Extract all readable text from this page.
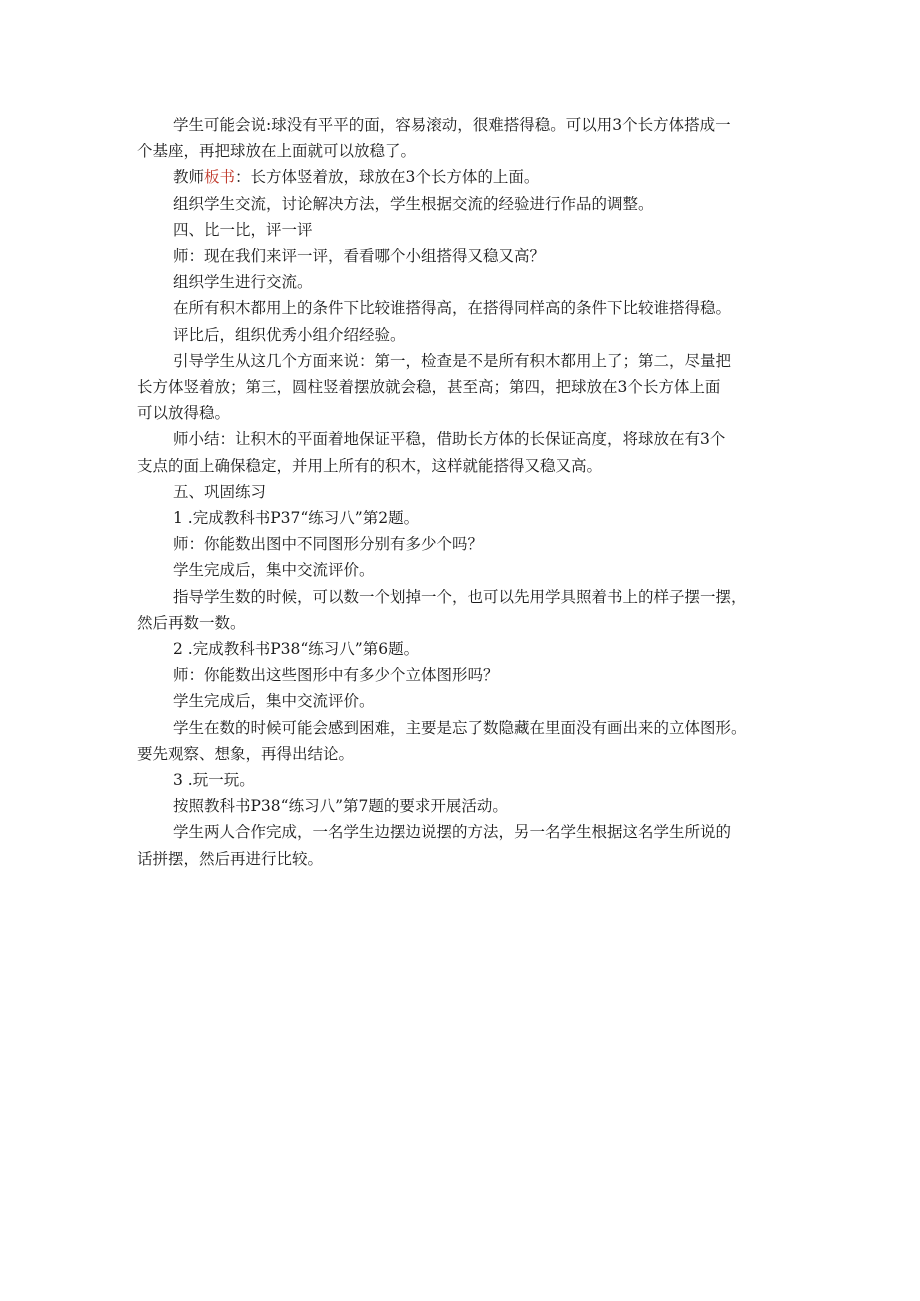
学生可能会说:球没有平平的面，容易滚动，很难搭得稳。可以用3个长方体搭成一

个基座，再把球放在上面就可以放稳了。

教师板书：长方体竖着放，球放在3个长方体的上面。

组织学生交流，讨论解决方法，学生根据交流的经验进行作品的调整。

四、比一比，评一评

师：现在我们来评一评，看看哪个小组搭得又稳又高？

组织学生进行交流。

在所有积木都用上的条件下比较谁搭得高，在搭得同样高的条件下比较谁搭得稳。

评比后，组织优秀小组介绍经验。

引导学生从这几个方面来说：第一，检查是不是所有积木都用上了；第二，尽量把

长方体竖着放；第三，圆柱竖着摆放就会稳，甚至高；第四，把球放在3个长方体上面

可以放得稳。

师小结：让积木的平面着地保证平稳，借助长方体的长保证高度，将球放在有3个

支点的面上确保稳定，并用上所有的积木，这样就能搭得又稳又高。

五、巩固练习

1 .完成教科书P37“练习八”第2题。

师：你能数出图中不同图形分别有多少个吗？

学生完成后，集中交流评价。

指导学生数的时候，可以数一个划掉一个，也可以先用学具照着书上的样子摆一摆，

然后再数一数。

2 .完成教科书P38“练习八”第6题。

师：你能数出这些图形中有多少个立体图形吗？

学生完成后，集中交流评价。

学生在数的时候可能会感到困难，主要是忘了数隐藏在里面没有画出来的立体图形。

要先观察、想象，再得出结论。

3 .玩一玩。

按照教科书P38“练习八”第7题的要求开展活动。

学生两人合作完成，一名学生边摆边说摆的方法，另一名学生根据这名学生所说的

话拼摆，然后再进行比较。
